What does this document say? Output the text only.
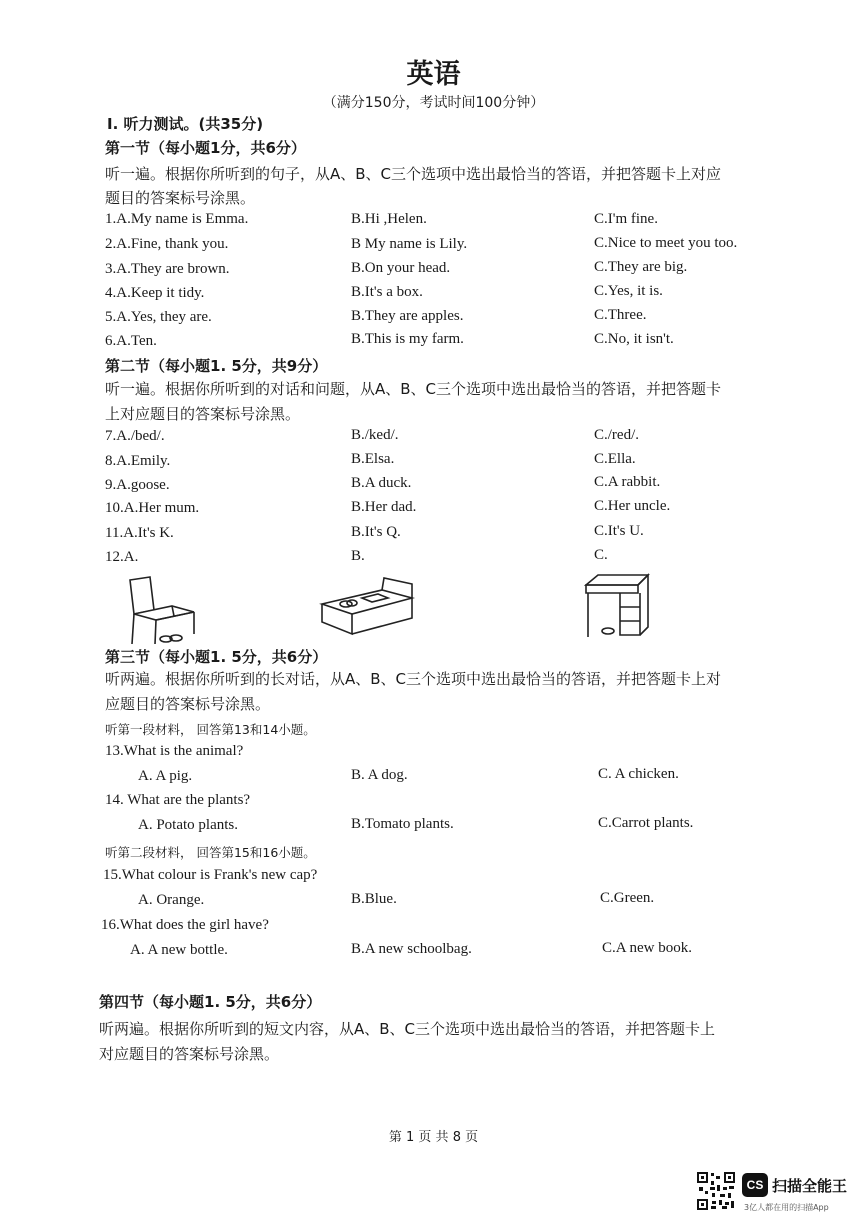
英语
（满分150分，考试时间100分钟）
I. 听力测试。(共35分)
第一节（每小题1分，共6分）
听一遍。根据你所听到的句子，从A、B、C三个选项中选出最恰当的答语，并把答题卡上对应
题目的答案标号涂黑。
1.A.My name is Emma.	B.Hi ,Helen.	C.I'm fine.
2.A.Fine, thank you.	B My name is Lily.	C.Nice to meet you too.
3.A.They are brown.	B.On your head.	C.They are big.
4.A.Keep it tidy.	B.It's a box.	C.Yes, it is.
5.A.Yes, they are.	B.They are apples.	C.Three.
6.A.Ten.	B.This is my farm.	C.No, it isn't.
第二节（每小题1. 5分，共9分）
听一遍。根据你所听到的对话和问题，从A、B、C三个选项中选出最恰当的答语，并把答题卡
上对应题目的答案标号涂黑。
7.A./bed/.	B./ked/.	C./red/.
8.A.Emily.	B.Elsa.	C.Ella.
9.A.goose.	B.A duck.	C.A rabbit.
10.A.Her mum.	B.Her dad.	C.Her uncle.
11.A.It's K.	B.It's Q.	C.It's U.
12.A.	B.	C.
第三节（每小题1. 5分，共6分）
听两遍。根据你所听到的长对话，从A、B、C三个选项中选出最恰当的答语，并把答题卡上对
应题目的答案标号涂黑。
听第一段材料， 回答第13和14小题。
13.What is the animal?
A. A pig.	B. A dog.	C. A chicken.
14. What are the plants?
A. Potato plants.	B.Tomato plants.	C.Carrot plants.
听第二段材料， 回答第15和16小题。
15.What colour is Frank's new cap?
A. Orange.	B.Blue.	C.Green.
16.What does the girl have?
A. A new bottle.	B.A new schoolbag.	C.A new book.
第四节（每小题1. 5分，共6分）
听两遍。根据你所听到的短文内容，从A、B、C三个选项中选出最恰当的答语，并把答题卡上
对应题目的答案标号涂黑。
第 1 页 共 8 页
CS 扫描全能王
3亿人都在用的扫描App
